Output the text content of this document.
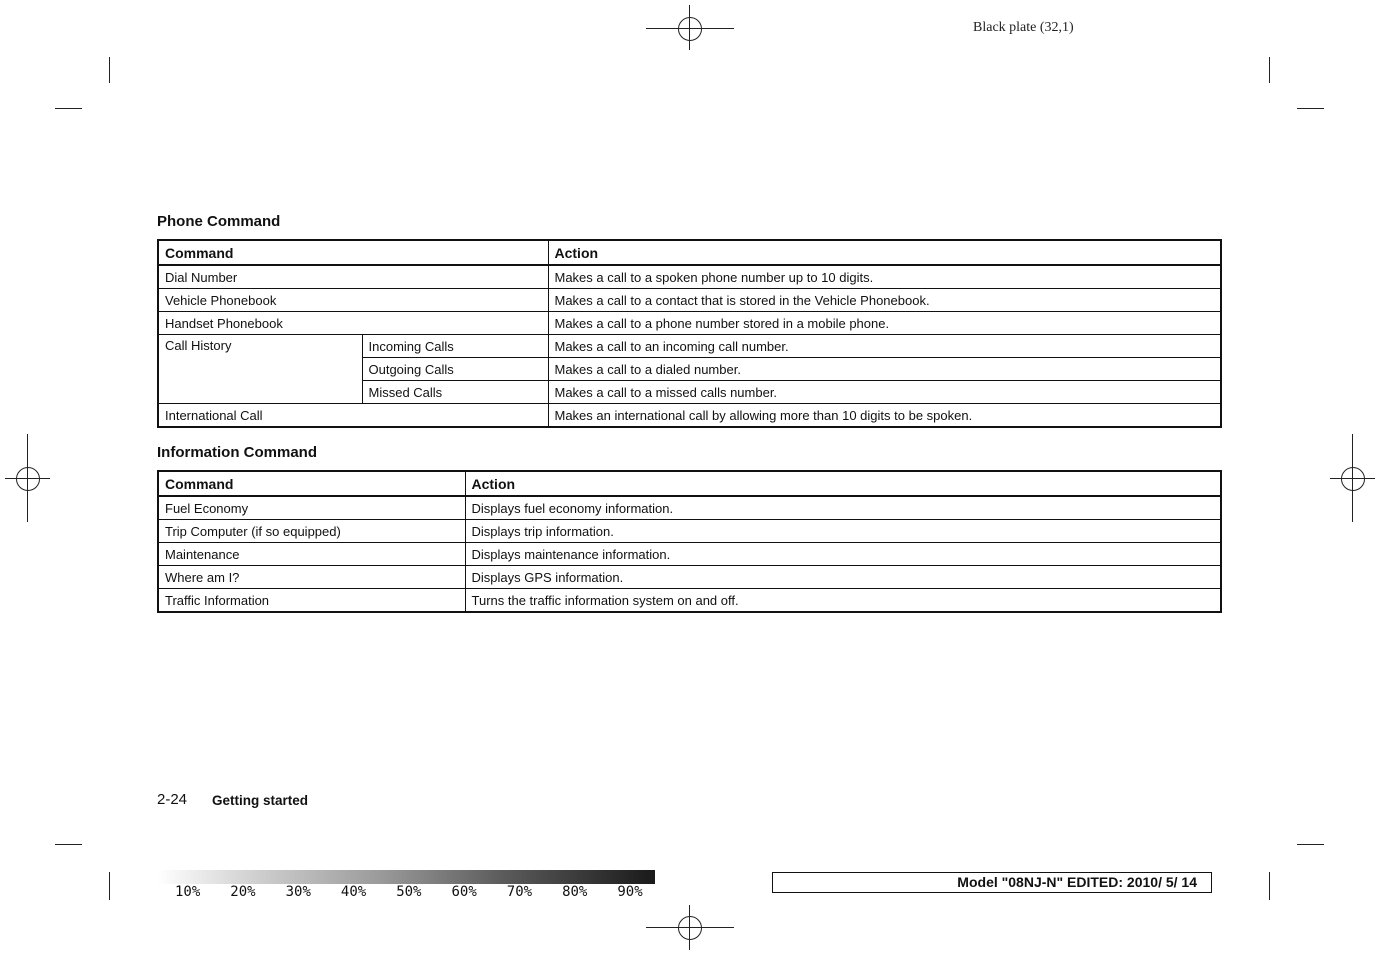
Black plate (32,1)
Phone Command
Command		Action
Dial Number		Makes a call to a spoken phone number up to 10 digits.
Vehicle Phonebook		Makes a call to a contact that is stored in the Vehicle Phonebook.
Handset Phonebook		Makes a call to a phone number stored in a mobile phone.
Call History	Incoming Calls	Makes a call to an incoming call number.
	Outgoing Calls	Makes a call to a dialed number.
	Missed Calls	Makes a call to a missed calls number.
International Call		Makes an international call by allowing more than 10 digits to be spoken.
Information Command
Command	Action
Fuel Economy	Displays fuel economy information.
Trip Computer (if so equipped)	Displays trip information.
Maintenance	Displays maintenance information.
Where am I?	Displays GPS information.
Traffic Information	Turns the traffic information system on and off.
2-24 Getting started
10%	20%	30%	40%	50%	60%	70%	80%	90%
Model "08NJ-N" EDITED: 2010/ 5/ 14
